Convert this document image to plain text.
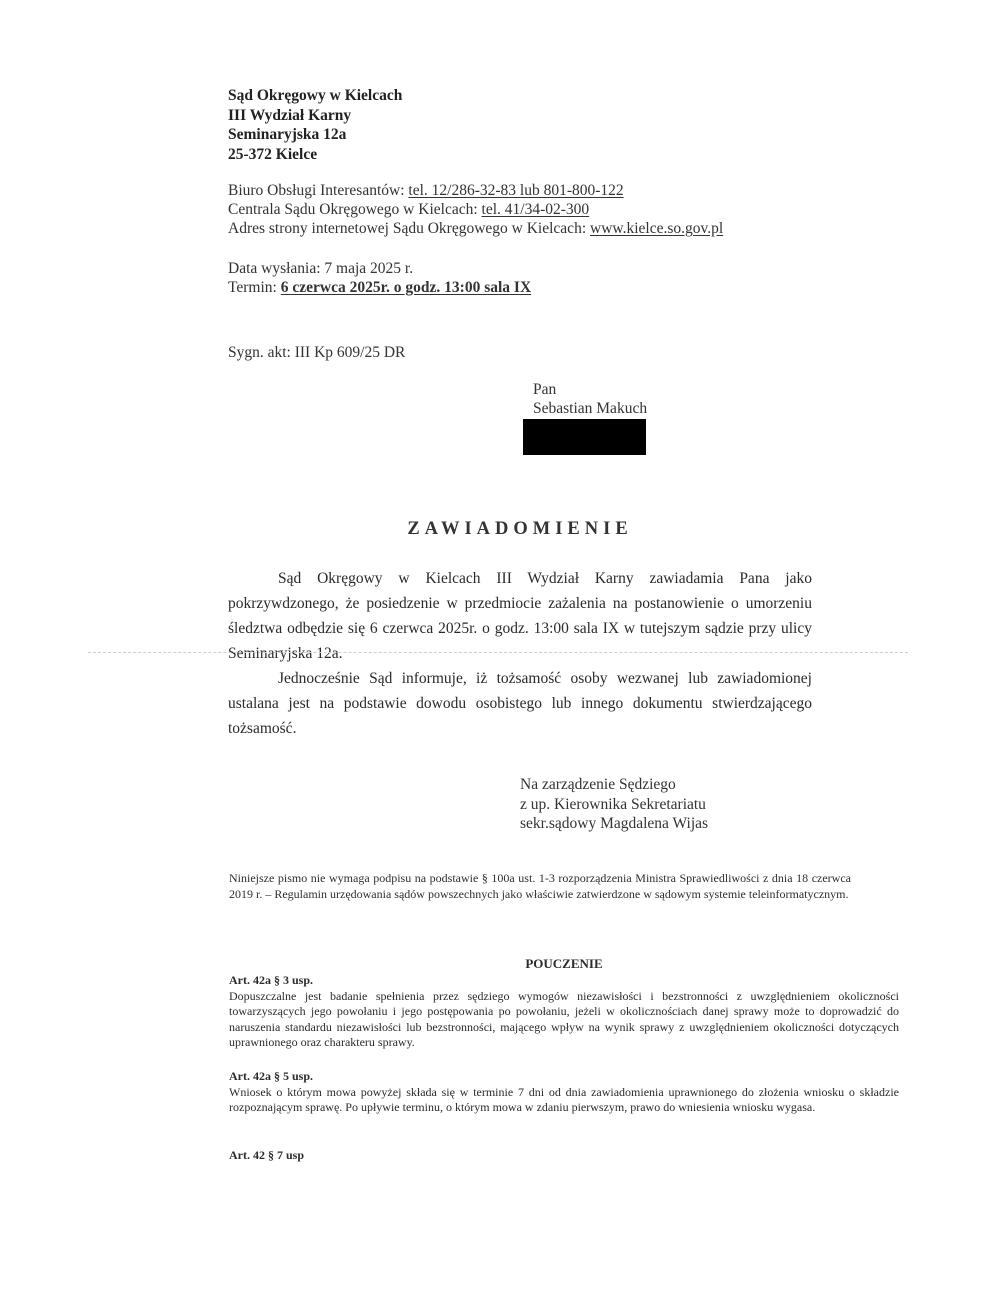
Sąd Okręgowy w Kielcach
III Wydział Karny
Seminaryjska 12a
25-372 Kielce
Biuro Obsługi Interesantów: tel. 12/286-32-83 lub 801-800-122
Centrala Sądu Okręgowego w Kielcach: tel. 41/34-02-300
Adres strony internetowej Sądu Okręgowego w Kielcach: www.kielce.so.gov.pl
Data wysłania: 7 maja 2025 r.
Termin: 6 czerwca 2025r. o godz. 13:00 sala IX
Sygn. akt: III Kp 609/25 DR
Pan
Sebastian Makuch
ZAWIADOMIENIE

Sąd Okręgowy w Kielcach III Wydział Karny zawiadamia Pana jako pokrzywdzonego, że posiedzenie w przedmiocie zażalenia na postanowienie o umorzeniu śledztwa odbędzie się 6 czerwca 2025r. o godz. 13:00 sala IX w tutejszym sądzie przy ulicy Seminaryjska 12a.

Jednocześnie Sąd informuje, iż tożsamość osoby wezwanej lub zawiadomionej ustalana jest na podstawie dowodu osobistego lub innego dokumentu stwierdzającego tożsamość.

Na zarządzenie Sędziego
z up. Kierownika Sekretariatu
sekr.sądowy Magdalena Wijas
Niniejsze pismo nie wymaga podpisu na podstawie § 100a ust. 1-3 rozporządzenia Ministra Sprawiedliwości z dnia 18 czerwca 2019 r. – Regulamin urzędowania sądów powszechnych jako właściwie zatwierdzone w sądowym systemie teleinformatycznym.
POUCZENIE
Art. 42a § 3 usp.

Dopuszczalne jest badanie spełnienia przez sędziego wymogów niezawisłości i bezstronności z uwzględnieniem okoliczności towarzyszących jego powołaniu i jego postępowania po powołaniu, jeżeli w okolicznościach danej sprawy może to doprowadzić do naruszenia standardu niezawisłości lub bezstronności, mającego wpływ na wynik sprawy z uwzględnieniem okoliczności dotyczących uprawnionego oraz charakteru sprawy.

Art. 42a § 5 usp.

Wniosek o którym mowa powyżej składa się w terminie 7 dni od dnia zawiadomienia uprawnionego do złożenia wniosku o składzie rozpoznającym sprawę. Po upływie terminu, o którym mowa w zdaniu pierwszym, prawo do wniesienia wniosku wygasa.

Art. 42 § 7 usp
